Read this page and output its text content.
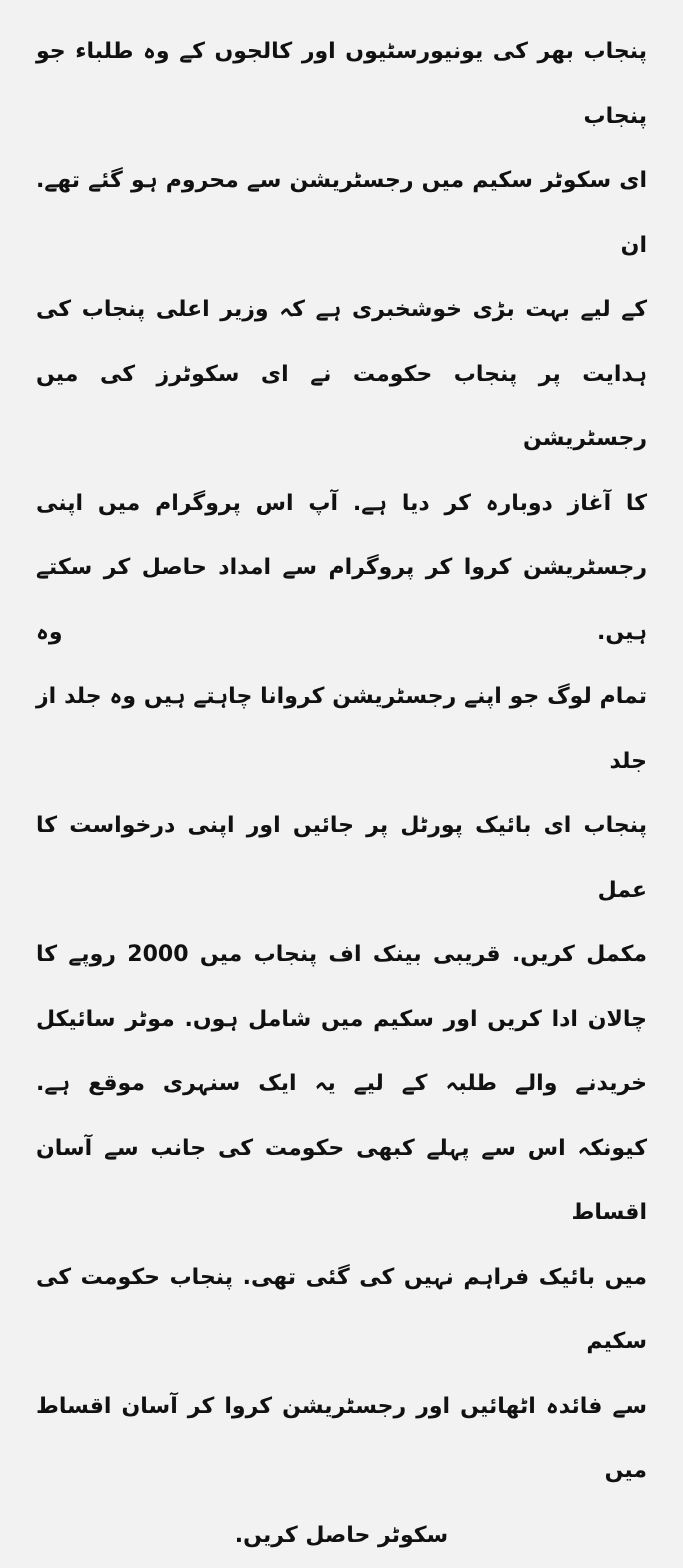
پنجاب بھر کی یونیورسٹیوں اور کالجوں کے وہ طلباء جو پنجاب
ای سکوٹر سکیم میں رجسٹریشن سے محروم ہو گئے تھے. ان
کے لیے بہت بڑی خوشخبری ہے کہ وزیر اعلی پنجاب کی
ہدایت پر پنجاب حکومت نے ای سکوٹرز کی میں رجسٹریشن
کا آغاز دوبارہ کر دیا ہے. آپ اس پروگرام میں اپنی
رجسٹریشن کروا کر پروگرام سے امداد حاصل کر سکتے ہیں. وہ
تمام لوگ جو اپنے رجسٹریشن کروانا چاہتے ہیں وہ جلد از جلد
پنجاب ای بائیک پورٹل پر جائیں اور اپنی درخواست کا عمل
مکمل کریں. قریبی بینک اف پنجاب میں 2000 روپے کا
چالان ادا کریں اور سکیم میں شامل ہوں. موٹر سائیکل
خریدنے والے طلبہ کے لیے یہ ایک سنہری موقع ہے.
کیونکہ اس سے پہلے کبھی حکومت کی جانب سے آسان اقساط
میں بائیک فراہم نہیں کی گئی تھی. پنجاب حکومت کی سکیم
سے فائدہ اٹھائیں اور رجسٹریشن کروا کر آسان اقساط میں
سکوٹر حاصل کریں.
